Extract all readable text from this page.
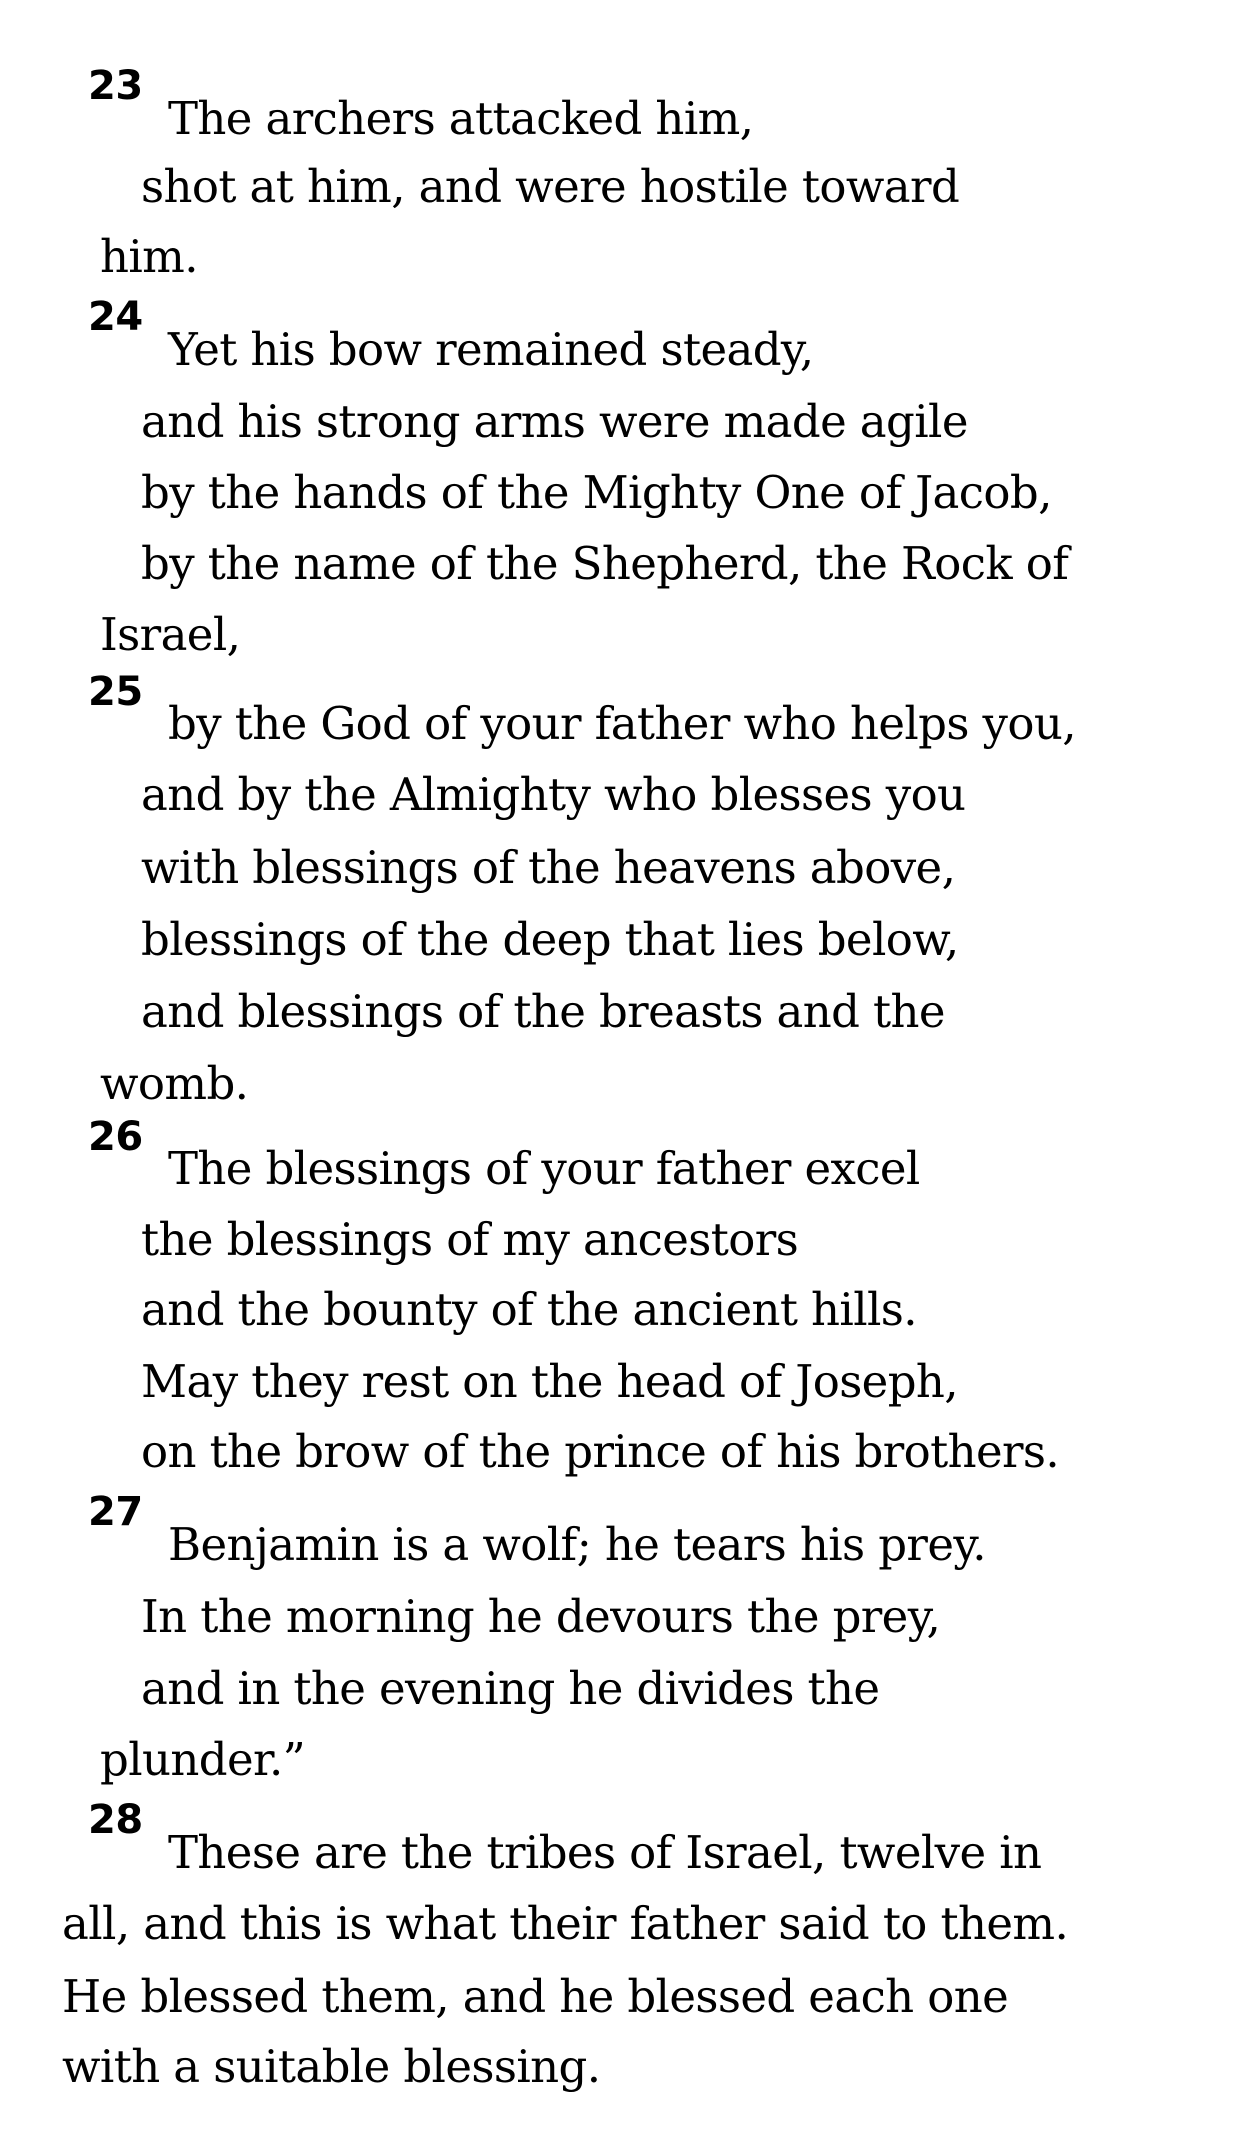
23
The archers attacked him,
shot at him, and were hostile toward
him.
24
Yet his bow remained steady,
and his strong arms were made agile
by the hands of the Mighty One of Jacob,
by the name of the Shepherd, the Rock of
Israel,
25
by the God of your father who helps you,
and by the Almighty who blesses you
with blessings of the heavens above,
blessings of the deep that lies below,
and blessings of the breasts and the
womb.
26
The blessings of your father excel
the blessings of my ancestors
and the bounty of the ancient hills.
May they rest on the head of Joseph,
on the brow of the prince of his brothers.
27
Benjamin is a wolf; he tears his prey.
In the morning he devours the prey,
and in the evening he divides the
plunder.”
28
These are the tribes of Israel, twelve in
all, and this is what their father said to them.
He blessed them, and he blessed each one
with a suitable blessing.
